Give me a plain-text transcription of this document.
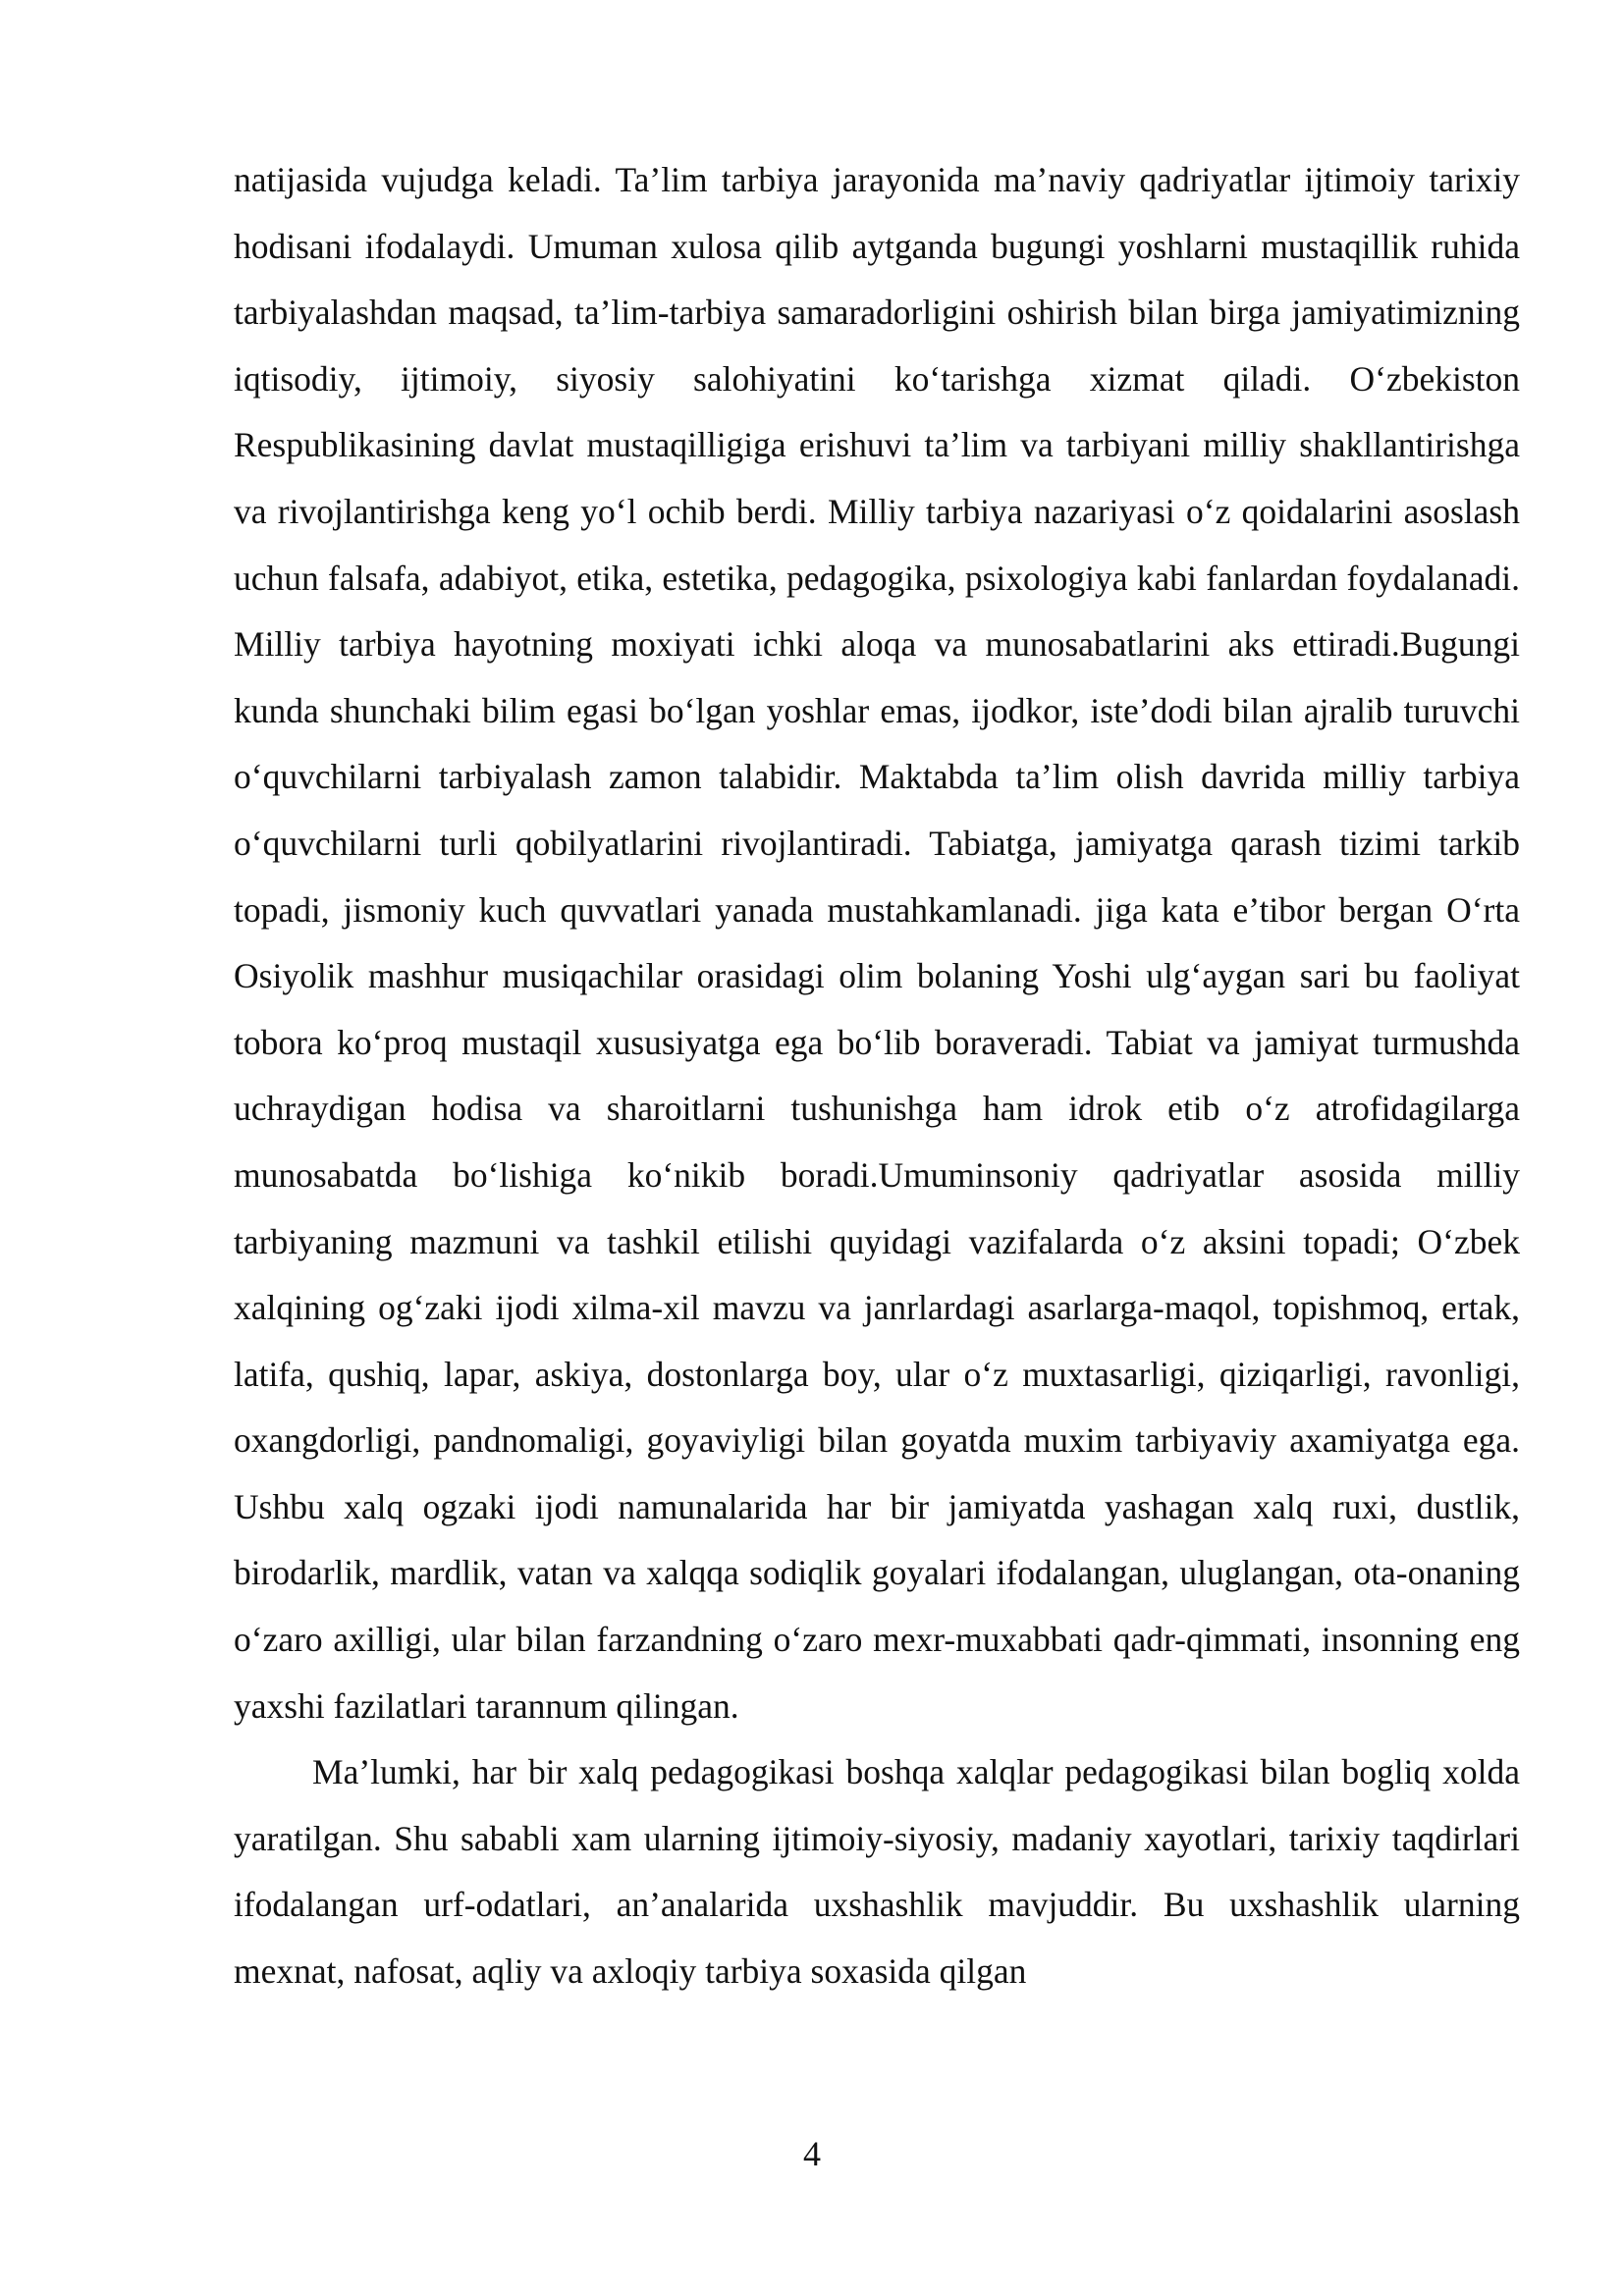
natijasida vujudga keladi. Ta’lim tarbiya jarayonida ma’naviy qadriyatlar ijtimoiy tarixiy hodisani ifodalaydi. Umuman xulosa qilib aytganda bugungi yoshlarni mustaqillik ruhida tarbiyalashdan maqsad, ta’lim-tarbiya samaradorligini oshirish bilan birga jamiyatimizning iqtisodiy, ijtimoiy, siyosiy salohiyatini ko‘tarishga xizmat qiladi. O‘zbekiston Respublikasining davlat mustaqilligiga erishuvi ta’lim va tarbiyani milliy shakllantirishga va rivojlantirishga keng yo‘l ochib berdi. Milliy tarbiya nazariyasi o‘z qoidalarini asoslash uchun falsafa, adabiyot, etika, estetika, pedagogika, psixologiya kabi fanlardan foydalanadi. Milliy tarbiya hayotning moxiyati ichki aloqa va munosabatlarini aks ettiradi.Bugungi kunda shunchaki bilim egasi bo‘lgan yoshlar emas, ijodkor, iste’dodi bilan ajralib turuvchi o‘quvchilarni tarbiyalash zamon talabidir. Maktabda ta’lim olish davrida milliy tarbiya o‘quvchilarni turli qobilyatlarini rivojlantiradi. Tabiatga, jamiyatga qarash tizimi tarkib topadi, jismoniy kuch quvvatlari yanada mustahkamlanadi. jiga kata e’tibor bergan O‘rta Osiyolik mashhur musiqachilar orasidagi olim bolaning Yoshi ulg‘aygan sari bu faoliyat tobora ko‘proq mustaqil xususiyatga ega bo‘lib boraveradi. Tabiat va jamiyat turmushda uchraydigan hodisa va sharoitlarni tushunishga ham idrok etib o‘z atrofidagilarga munosabatda bo‘lishiga ko‘nikib boradi.Umuminsoniy qadriyatlar asosida milliy tarbiyaning mazmuni va tashkil etilishi quyidagi vazifalarda o‘z aksini topadi; O‘zbek xalqining og‘zaki ijodi xilma-xil mavzu va janrlardagi asarlarga-maqol, topishmoq, ertak, latifa, qushiq, lapar, askiya, dostonlarga boy, ular o‘z muxtasarligi, qiziqarligi, ravonligi, oxangdorligi, pandnomaligi, goyaviyligi bilan goyatda muxim tarbiyaviy axamiyatga ega. Ushbu xalq ogzaki ijodi namunalarida har bir jamiyatda yashagan xalq ruxi, dustlik, birodarlik, mardlik, vatan va xalqqa sodiqlik goyalari ifodalangan, uluglangan, ota-onaning o‘zaro axilligi, ular bilan farzandning o‘zaro mexr-muxabbati qadr-qimmati, insonning eng yaxshi fazilatlari tarannum qilingan.

Ma’lumki, har bir xalq pedagogikasi boshqa xalqlar pedagogikasi bilan bogliq xolda yaratilgan. Shu sababli xam ularning ijtimoiy-siyosiy, madaniy xayotlari, tarixiy taqdirlari ifodalangan urf-odatlari, an’analarida uxshashlik mavjuddir. Bu uxshashlik ularning mexnat, nafosat, aqliy va axloqiy tarbiya soxasida qilgan

4
